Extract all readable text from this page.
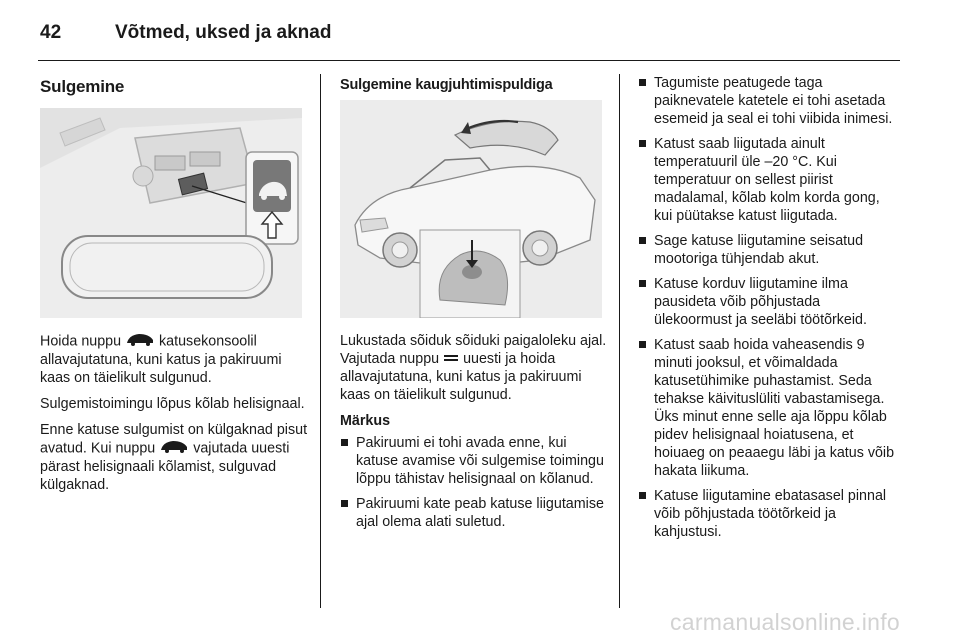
42	Võtmed, uksed ja aknad
Sulgemine

Hoida nuppu  katusekonsoolil allavajutatuna, kuni katus ja pakiruumi kaas on täielikult sulgunud.

Sulgemistoimingu lõpus kõlab helisignaal.

Enne katuse sulgumist on külgaknad pisut avatud. Kui nuppu  vajutada uuesti pärast helisignaali kõlamist, sulguvad külgaknad.

Sulgemine kaugjuhtimispuldiga

Lukustada sõiduk sõiduki paigaloleku ajal. Vajutada nuppu  uuesti ja hoida allavajutatuna, kuni katus ja pakiruumi kaas on täielikult sulgunud.

Märkus

Pakiruumi ei tohi avada enne, kui katuse avamise või sulgemise toimingu lõppu tähistav helisignaal on kõlanud.
Pakiruumi kate peab katuse liigutamise ajal olema alati suletud.
Tagumiste peatugede taga paiknevatele katetele ei tohi asetada esemeid ja seal ei tohi viibida inimesi.
Katust saab liigutada ainult temperatuuril üle –20 °C. Kui temperatuur on sellest piirist madalamal, kõlab kolm korda gong, kui püütakse katust liigutada.
Sage katuse liigutamine seisatud mootoriga tühjendab akut.
Katuse korduv liigutamine ilma pausideta võib põhjustada ülekoormust ja seeläbi töötõrkeid.
Katust saab hoida vaheasendis 9 minuti jooksul, et võimaldada katusetühimike puhastamist. Seda tehakse käivituslüliti vabastamisega. Üks minut enne selle aja lõppu kõlab pidev helisignaal hoiatusena, et hoiuaeg on peaaegu läbi ja katus võib hakata liikuma.
Katuse liigutamine ebatasasel pinnal võib põhjustada töötõrkeid ja kahjustusi.
carmanualsonline.info
